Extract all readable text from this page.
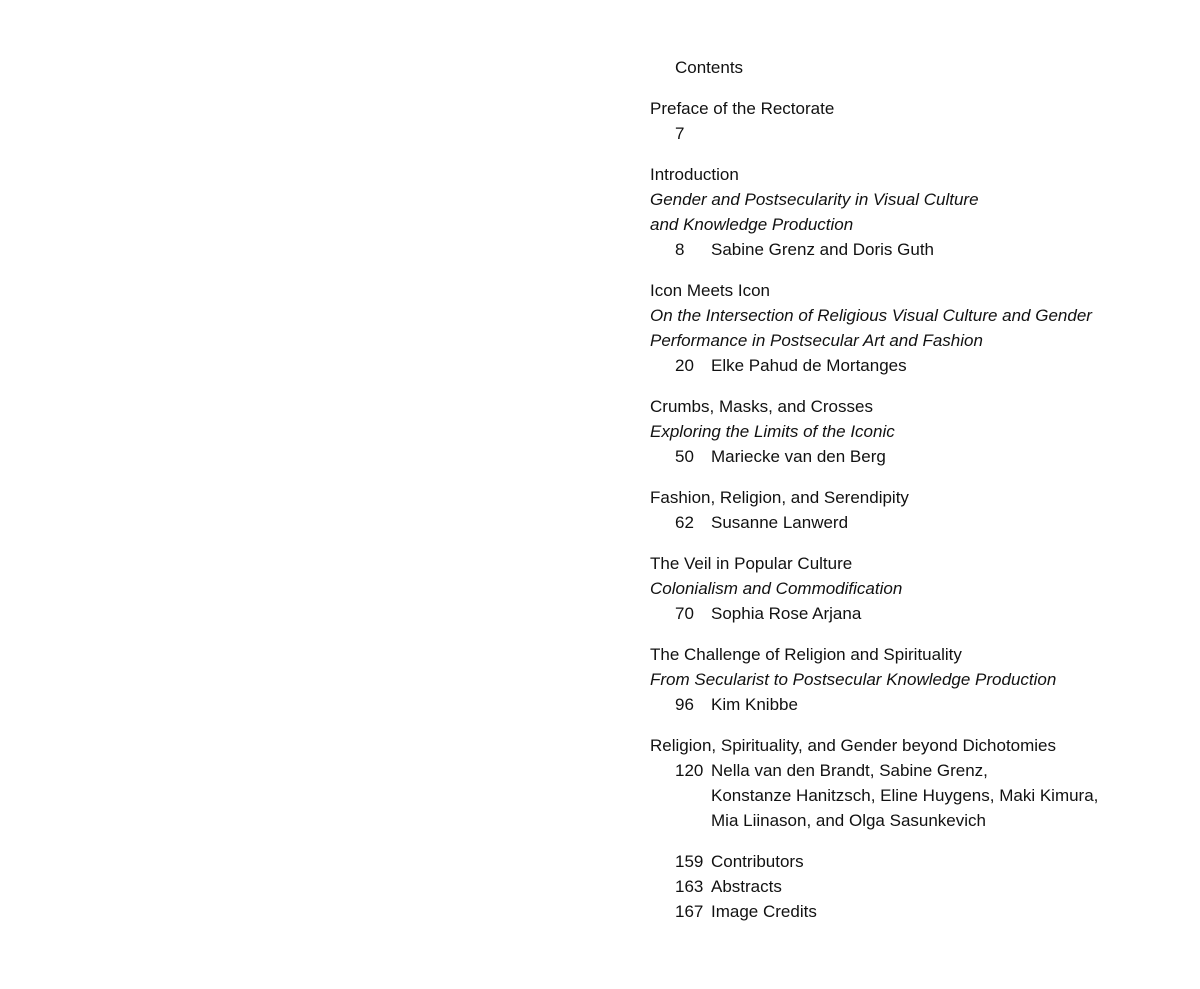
Contents
Preface of the Rectorate
7
Introduction
Gender and Postsecularity in Visual Culture
and Knowledge Production
8	Sabine Grenz and Doris Guth
Icon Meets Icon
On the Intersection of Religious Visual Culture and Gender
Performance in Postsecular Art and Fashion
20	Elke Pahud de Mortanges
Crumbs, Masks, and Crosses
Exploring the Limits of the Iconic
50	Mariecke van den Berg
Fashion, Religion, and Serendipity
62	Susanne Lanwerd
The Veil in Popular Culture
Colonialism and Commodification
70	Sophia Rose Arjana
The Challenge of Religion and Spirituality
From Secularist to Postsecular Knowledge Production
96	Kim Knibbe
Religion, Spirituality, and Gender beyond Dichotomies
120 Nella van den Brandt, Sabine Grenz,
Konstanze Hanitzsch, Eline Huygens, Maki Kimura,
Mia Liinason, and Olga Sasunkevich
159 Contributors
163 Abstracts
167 Image Credits
